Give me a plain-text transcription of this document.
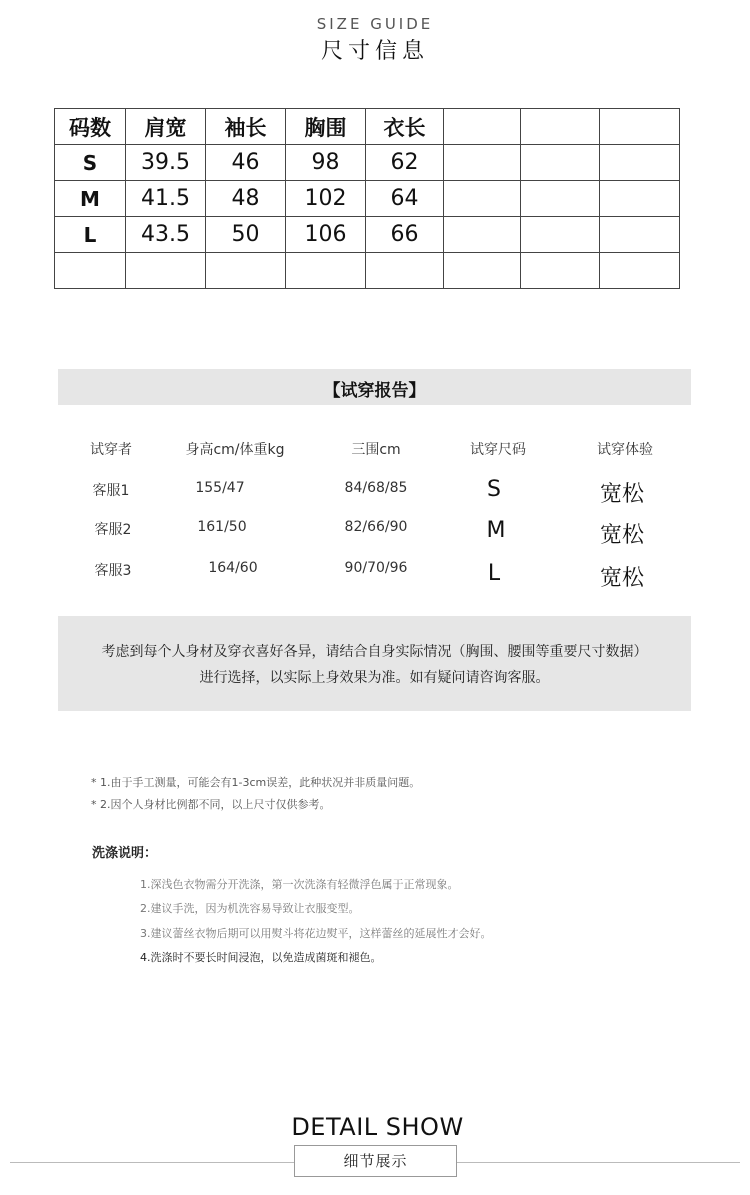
SIZE GUIDE
尺寸信息
码数	肩宽	袖长	胸围	衣长			
S	39.5	46	98	62			
M	41.5	48	102	64			
L	43.5	50	106	66			

【试穿报告】
试穿者	身高cm/体重kg	三围cm	试穿尺码	试穿体验
客服1	155/47	84/68/85	S	宽松
客服2	161/50	82/66/90	M	宽松
客服3	164/60	90/70/96	L	宽松
考虑到每个人身材及穿衣喜好各异，请结合自身实际情况（胸围、腰围等重要尺寸数据）
进行选择，以实际上身效果为准。如有疑问请咨询客服。
* 1.由于手工测量，可能会有1-3cm误差，此种状况并非质量问题。
* 2.因个人身材比例都不同，以上尺寸仅供参考。
洗涤说明：
1.深浅色衣物需分开洗涤，第一次洗涤有轻微浮色属于正常现象。
2.建议手洗，因为机洗容易导致让衣服变型。
3.建议蕾丝衣物后期可以用熨斗将花边熨平，这样蕾丝的延展性才会好。
4.洗涤时不要长时间浸泡，以免造成菌斑和褪色。
DETAIL SHOW
细节展示
